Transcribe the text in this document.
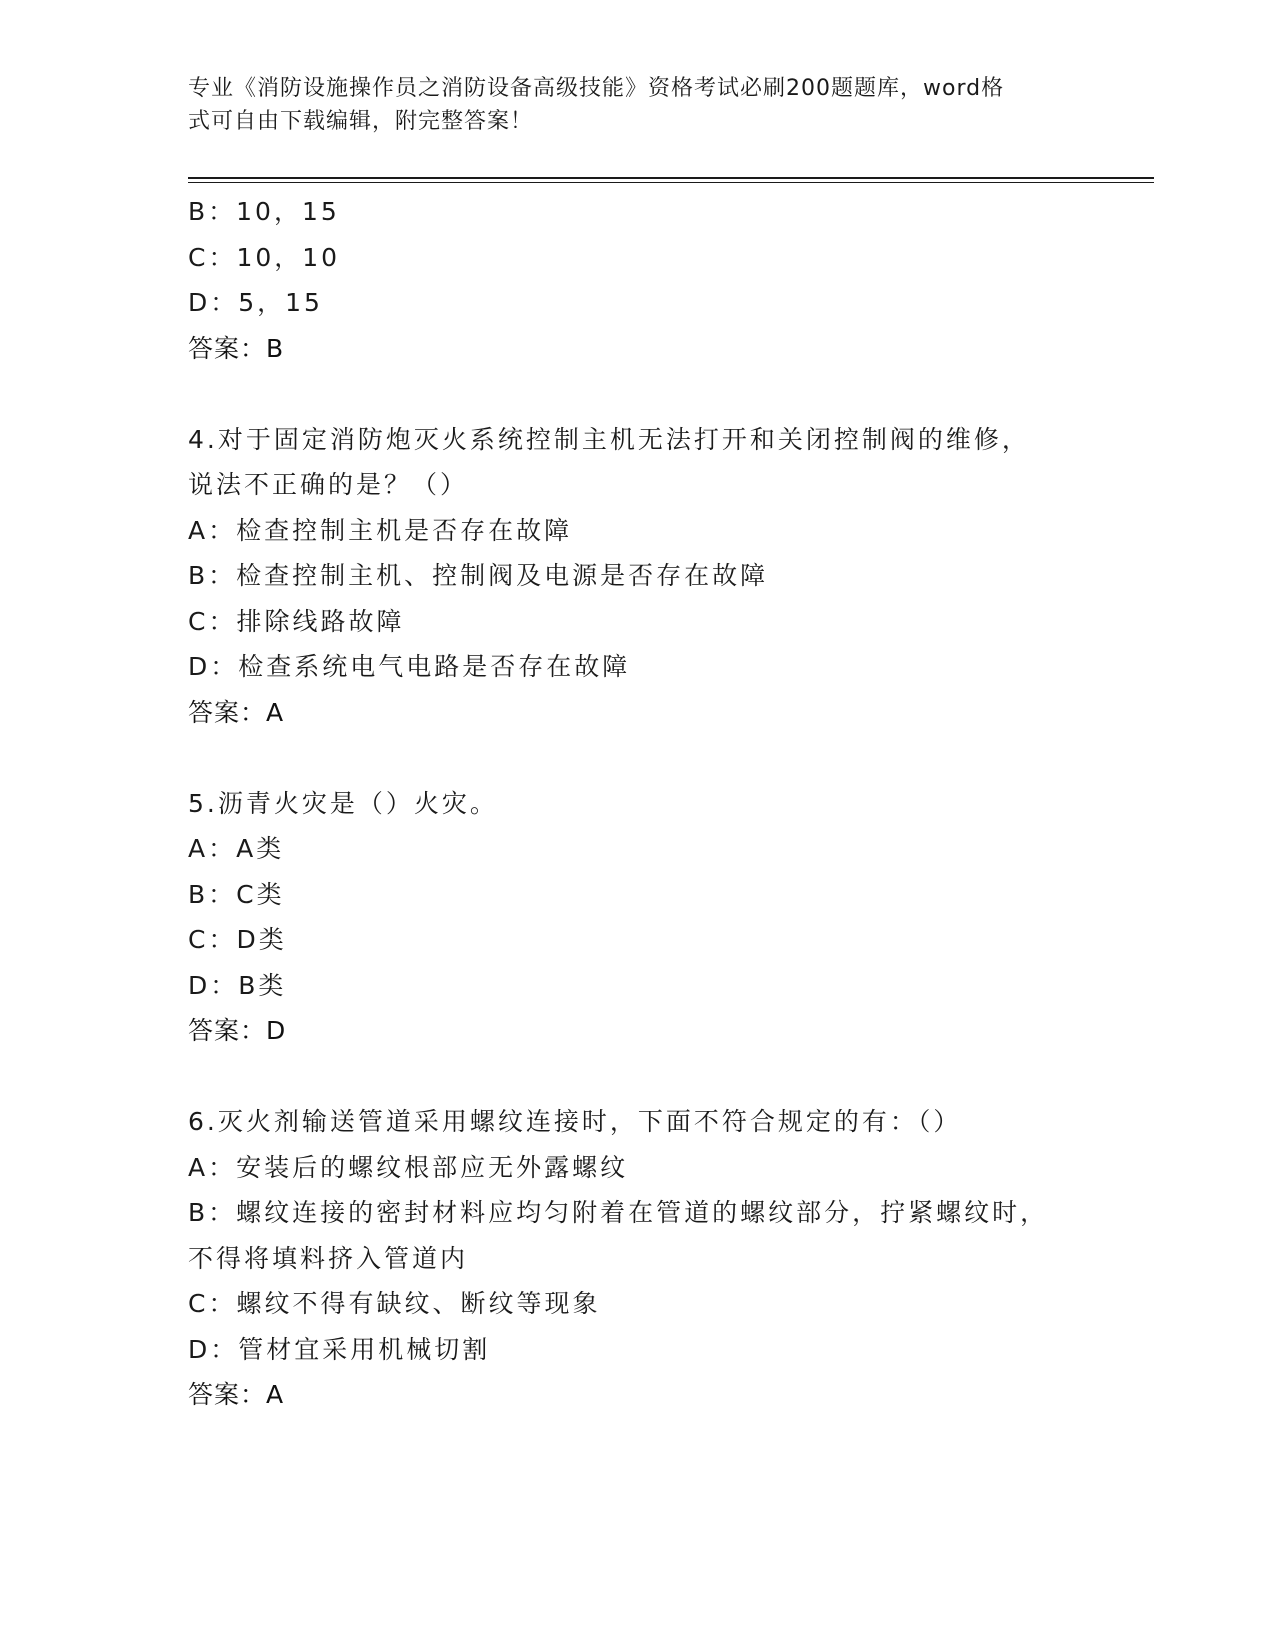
专业《消防设施操作员之消防设备高级技能》资格考试必刷200题题库，word格
式可自由下载编辑，附完整答案！
B：10，15
C：10，10
D：5，15
答案：B
4.对于固定消防炮灭火系统控制主机无法打开和关闭控制阀的维修，
说法不正确的是？（）
A：检查控制主机是否存在故障
B：检查控制主机、控制阀及电源是否存在故障
C：排除线路故障
D：检查系统电气电路是否存在故障
答案：A
5.沥青火灾是（）火灾。
A：A类
B：C类
C：D类
D：B类
答案：D
6.灭火剂输送管道采用螺纹连接时，下面不符合规定的有：（）
A：安装后的螺纹根部应无外露螺纹
B：螺纹连接的密封材料应均匀附着在管道的螺纹部分，拧紧螺纹时，
不得将填料挤入管道内
C：螺纹不得有缺纹、断纹等现象
D：管材宜采用机械切割
答案：A
